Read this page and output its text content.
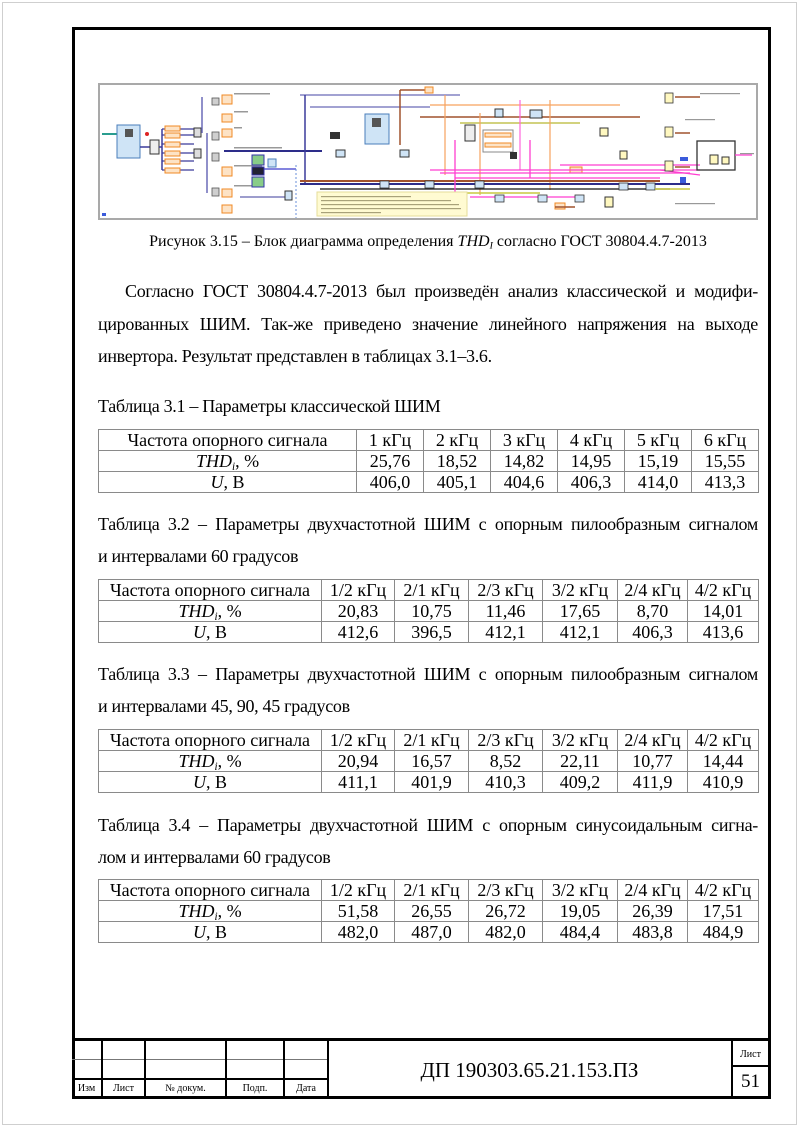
Рисунок 3.15 – Блок диаграмма определения $THD_I$ согласно ГОСТ 30804.4.7-2013
Согласно ГОСТ 30804.4.7-2013 был произведён анализ классической и модифи-
цированных ШИМ. Так-же приведено значение линейного напряжения на выходе
инвертора. Результат представлен в таблицах 3.1–3.6.
Таблица 3.1 – Параметры классической ШИМ
Частота опорного сигнала	1 кГц	2 кГц	3 кГц	4 кГц	5 кГц	6 кГц
$THD_i$, %	25,76	18,52	14,82	14,95	15,19	15,55
U, В	406,0	405,1	404,6	406,3	414,0	413,3
Таблица 3.2 – Параметры двухчастотной ШИМ с опорным пилообразным сигналом
и интервалами 60 градусов
Частота опорного сигнала	1/2 кГц	2/1 кГц	2/3 кГц	3/2 кГц	2/4 кГц	4/2 кГц
$THD_i$, %	20,83	10,75	11,46	17,65	8,70	14,01
U, В	412,6	396,5	412,1	412,1	406,3	413,6
Таблица 3.3 – Параметры двухчастотной ШИМ с опорным пилообразным сигналом
и интервалами 45, 90, 45 градусов
Частота опорного сигнала	1/2 кГц	2/1 кГц	2/3 кГц	3/2 кГц	2/4 кГц	4/2 кГц
$THD_i$, %	20,94	16,57	8,52	22,11	10,77	14,44
U, В	411,1	401,9	410,3	409,2	411,9	410,9
Таблица 3.4 – Параметры двухчастотной ШИМ с опорным синусоидальным сигна-
лом и интервалами 60 градусов
Частота опорного сигнала	1/2 кГц	2/1 кГц	2/3 кГц	3/2 кГц	2/4 кГц	4/2 кГц
$THD_i$, %	51,58	26,55	26,72	19,05	26,39	17,51
U, В	482,0	487,0	482,0	484,4	483,8	484,9

Изм	Лист	№ докум.	Подп.	Дата
ДП 190303.65.21.153.ПЗ
Лист
51
